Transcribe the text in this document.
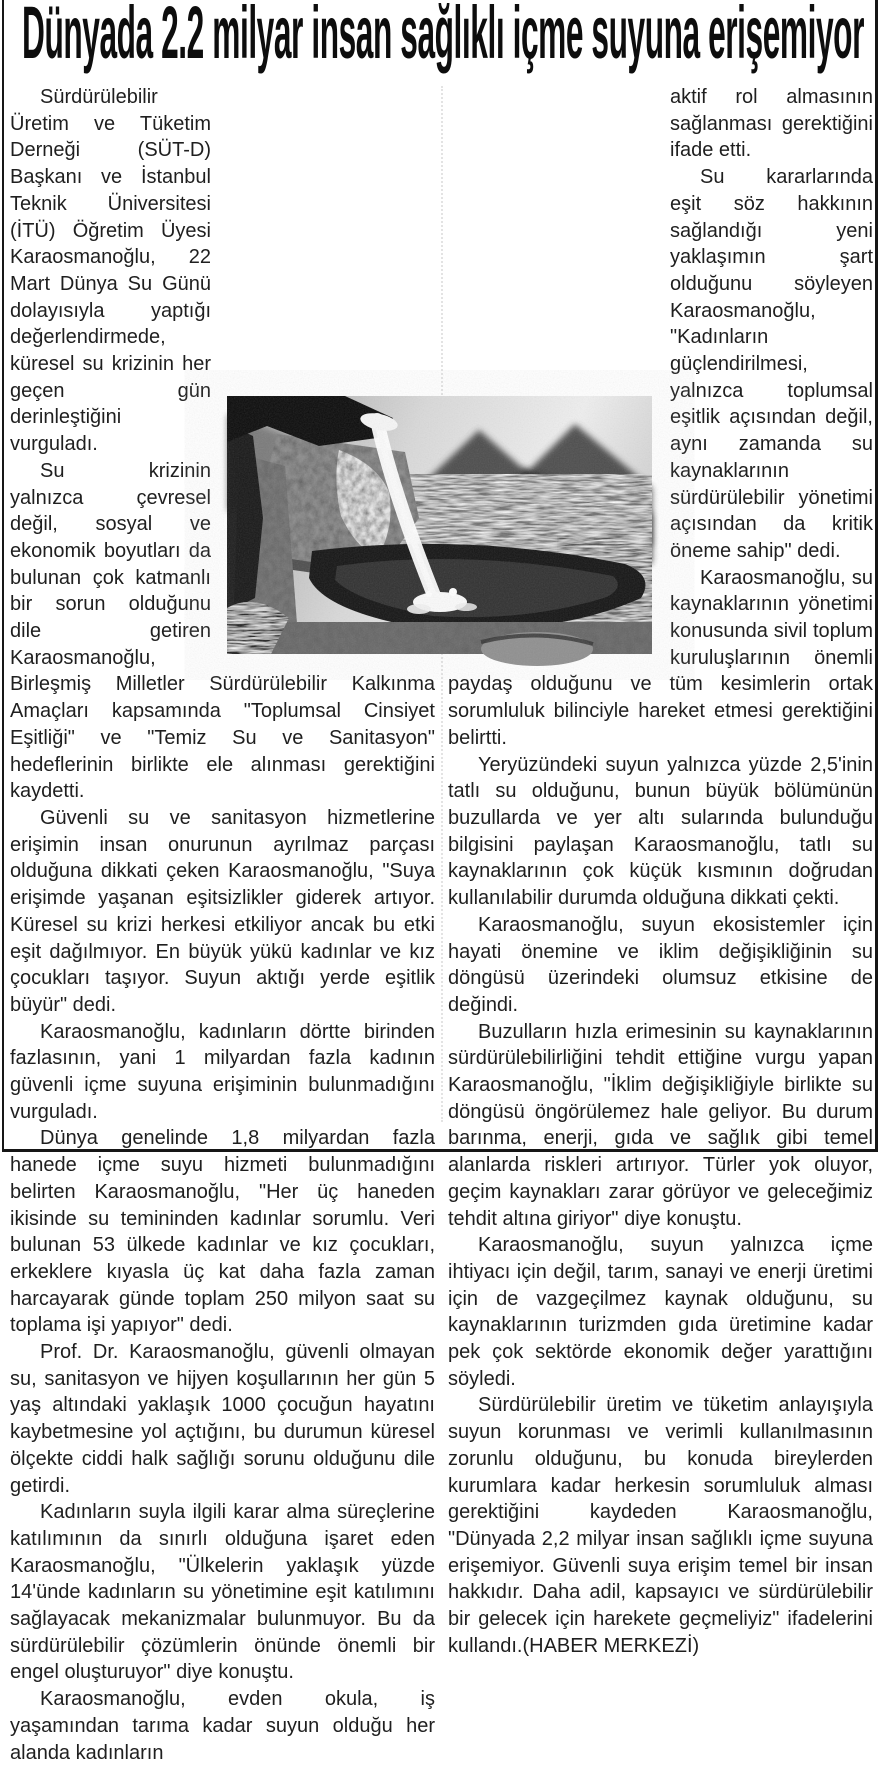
Dünyada 2.2 milyar insan sağlıklı içme suyuna erişemiyor

Sürdürülebilir Üretim ve Tüketim Derneği (SÜT-D) Başkanı ve İstanbul Teknik Üniversitesi (İTÜ) Öğretim Üyesi Karaosmanoğlu, 22 Mart Dünya Su Günü dolayısıyla yaptığı değerlendirmede, küresel su krizinin her geçen gün derinleştiğini vurguladı.

Su krizinin yalnızca çevresel değil, sosyal ve ekonomik boyutları da bulunan çok katmanlı bir sorun olduğunu dile getiren Karaosmanoğlu, Birleşmiş Milletler Sürdürülebilir Kalkınma Amaçları kapsamında "Toplumsal Cinsiyet Eşitliği" ve "Temiz Su ve Sanitasyon" hedeflerinin birlikte ele alınması gerektiğini kaydetti.

Güvenli su ve sanitasyon hizmetlerine erişimin insan onurunun ayrılmaz parçası olduğuna dikkati çeken Karaosmanoğlu, "Suya erişimde yaşanan eşitsizlikler giderek artıyor. Küresel su krizi herkesi etkiliyor ancak bu etki eşit dağılmıyor. En büyük yükü kadınlar ve kız çocukları taşıyor. Suyun aktığı yerde eşitlik büyür" dedi.

Karaosmanoğlu, kadınların dörtte birinden fazlasının, yani 1 milyardan fazla kadının güvenli içme suyuna erişiminin bulunmadığını vurguladı.

Dünya genelinde 1,8 milyardan fazla hanede içme suyu hizmeti bulunmadığını belirten Karaosmanoğlu, "Her üç haneden ikisinde su temininden kadınlar sorumlu. Veri bulunan 53 ülkede kadınlar ve kız çocukları, erkeklere kıyasla üç kat daha fazla zaman harcayarak günde toplam 250 milyon saat su toplama işi yapıyor" dedi.

Prof. Dr. Karaosmanoğlu, güvenli olmayan su, sanitasyon ve hijyen koşullarının her gün 5 yaş altındaki yaklaşık 1000 çocuğun hayatını kaybetmesine yol açtığını, bu durumun küresel ölçekte ciddi halk sağlığı sorunu olduğunu dile getirdi.

Kadınların suyla ilgili karar alma süreçlerine katılımının da sınırlı olduğuna işaret eden Karaosmanoğlu, "Ülkelerin yaklaşık yüzde 14'ünde kadınların su yönetimine eşit katılımını sağlayacak mekanizmalar bulunmuyor. Bu da sürdürülebilir çözümlerin önünde önemli bir engel oluşturuyor" diye konuştu.

Karaosmanoğlu, evden okula, iş yaşamından tarıma kadar suyun olduğu her alanda kadınların

aktif rol almasının sağlanması gerektiğini ifade etti.

Su kararlarında eşit söz hakkının sağlandığı yeni yaklaşımın şart olduğunu söyleyen Karaosmanoğlu, "Kadınların güçlendirilmesi, yalnızca toplumsal eşitlik açısından değil, aynı zamanda su kaynaklarının sürdürülebilir yönetimi açısından da kritik öneme sahip" dedi.

Karaosmanoğlu, su kaynaklarının yönetimi konusunda sivil toplum kuruluşlarının önemli paydaş olduğunu ve tüm kesimlerin ortak sorumluluk bilinciyle hareket etmesi gerektiğini belirtti.

Yeryüzündeki suyun yalnızca yüzde 2,5'inin tatlı su olduğunu, bunun büyük bölümünün buzullarda ve yer altı sularında bulunduğu bilgisini paylaşan Karaosmanoğlu, tatlı su kaynaklarının çok küçük kısmının doğrudan kullanılabilir durumda olduğuna dikkati çekti.

Karaosmanoğlu, suyun ekosistemler için hayati önemine ve iklim değişikliğinin su döngüsü üzerindeki olumsuz etkisine de değindi.

Buzulların hızla erimesinin su kaynaklarının sürdürülebilirliğini tehdit ettiğine vurgu yapan Karaosmanoğlu, "İklim değişikliğiyle birlikte su döngüsü öngörülemez hale geliyor. Bu durum barınma, enerji, gıda ve sağlık gibi temel alanlarda riskleri artırıyor. Türler yok oluyor, geçim kaynakları zarar görüyor ve geleceğimiz tehdit altına giriyor" diye konuştu.

Karaosmanoğlu, suyun yalnızca içme ihtiyacı için değil, tarım, sanayi ve enerji üretimi için de vazgeçilmez kaynak olduğunu, su kaynaklarının turizmden gıda üretimine kadar pek çok sektörde ekonomik değer yarattığını söyledi.

Sürdürülebilir üretim ve tüketim anlayışıyla suyun korunması ve verimli kullanılmasının zorunlu olduğunu, bu konuda bireylerden kurumlara kadar herkesin sorumluluk alması gerektiğini kaydeden Karaosmanoğlu, "Dünyada 2,2 milyar insan sağlıklı içme suyuna erişemiyor. Güvenli suya erişim temel bir insan hakkıdır. Daha adil, kapsayıcı ve sürdürülebilir bir gelecek için harekete geçmeliyiz" ifadelerini kullandı.(HABER MERKEZİ)
